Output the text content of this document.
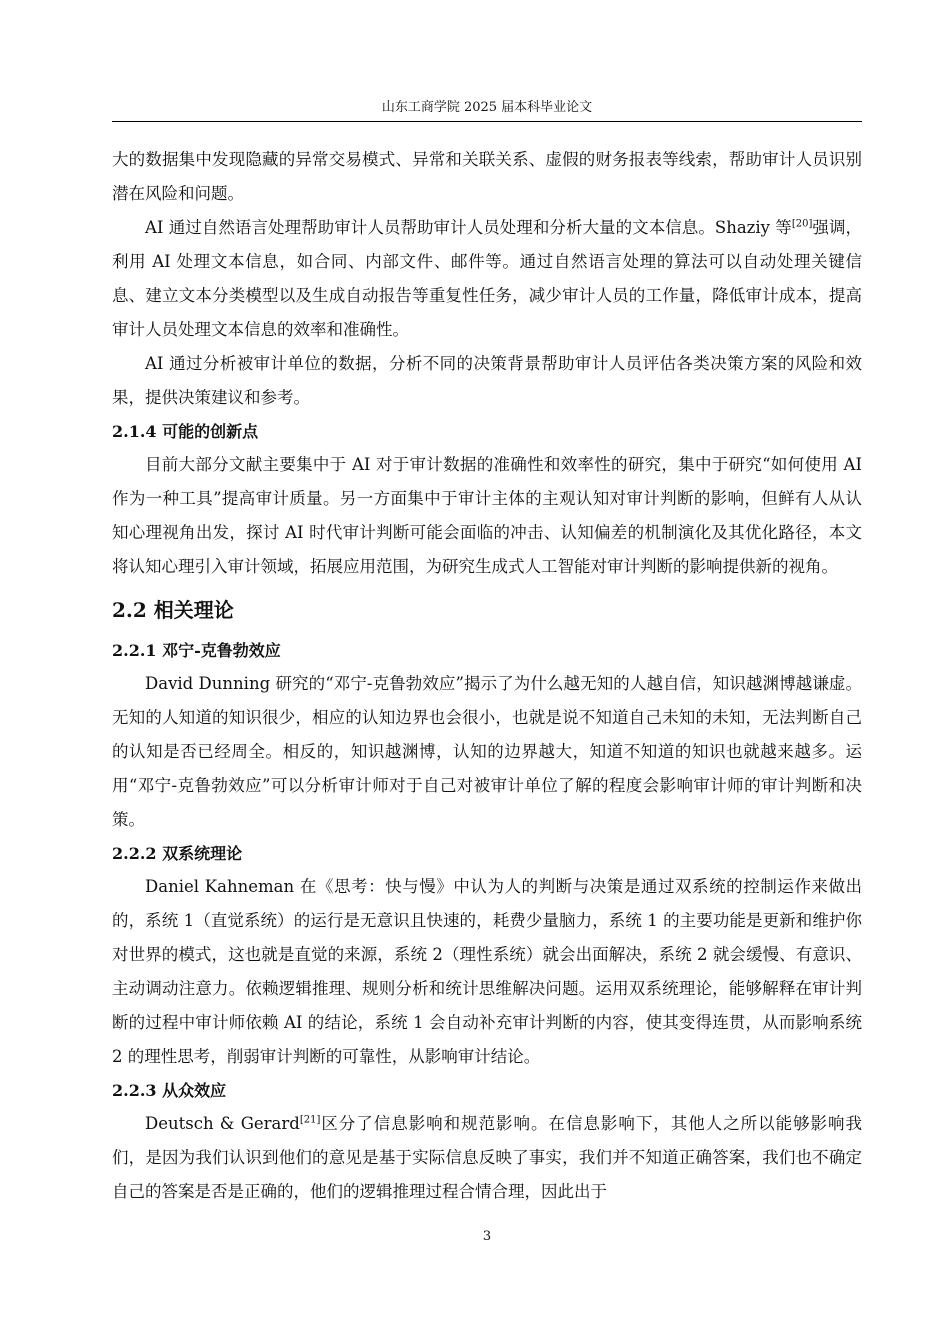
山东工商学院 2025 届本科毕业论文

大的数据集中发现隐藏的异常交易模式、异常和关联关系、虚假的财务报表等线索，帮助审计人员识别潜在风险和问题。

AI 通过自然语言处理帮助审计人员帮助审计人员处理和分析大量的文本信息。Shaziy 等[20]强调，利用 AI 处理文本信息，如合同、内部文件、邮件等。通过自然语言处理的算法可以自动处理关键信息、建立文本分类模型以及生成自动报告等重复性任务，减少审计人员的工作量，降低审计成本，提高审计人员处理文本信息的效率和准确性。

AI 通过分析被审计单位的数据，分析不同的决策背景帮助审计人员评估各类决策方案的风险和效果，提供决策建议和参考。

2.1.4 可能的创新点

目前大部分文献主要集中于 AI 对于审计数据的准确性和效率性的研究，集中于研究“如何使用 AI 作为一种工具”提高审计质量。另一方面集中于审计主体的主观认知对审计判断的影响，但鲜有人从认知心理视角出发，探讨 AI 时代审计判断可能会面临的冲击、认知偏差的机制演化及其优化路径，本文将认知心理引入审计领域，拓展应用范围，为研究生成式人工智能对审计判断的影响提供新的视角。

2.2 相关理论
2.2.1 邓宁-克鲁勃效应

David Dunning 研究的“邓宁-克鲁勃效应”揭示了为什么越无知的人越自信，知识越渊博越谦虚。无知的人知道的知识很少，相应的认知边界也会很小，也就是说不知道自己未知的未知，无法判断自己的认知是否已经周全。相反的，知识越渊博，认知的边界越大，知道不知道的知识也就越来越多。运用“邓宁-克鲁勃效应”可以分析审计师对于自己对被审计单位了解的程度会影响审计师的审计判断和决策。

2.2.2 双系统理论

Daniel Kahneman 在《思考：快与慢》中认为人的判断与决策是通过双系统的控制运作来做出的，系统 1（直觉系统）的运行是无意识且快速的，耗费少量脑力，系统 1 的主要功能是更新和维护你对世界的模式，这也就是直觉的来源，系统 2（理性系统）就会出面解决，系统 2 就会缓慢、有意识、主动调动注意力。依赖逻辑推理、规则分析和统计思维解决问题。运用双系统理论，能够解释在审计判断的过程中审计师依赖 AI 的结论，系统 1 会自动补充审计判断的内容，使其变得连贯，从而影响系统 2 的理性思考，削弱审计判断的可靠性，从影响审计结论。

2.2.3 从众效应

Deutsch & Gerard[21]区分了信息影响和规范影响。在信息影响下，其他人之所以能够影响我们，是因为我们认识到他们的意见是基于实际信息反映了事实，我们并不知道正确答案，我们也不确定自己的答案是否是正确的，他们的逻辑推理过程合情合理，因此出于

3
